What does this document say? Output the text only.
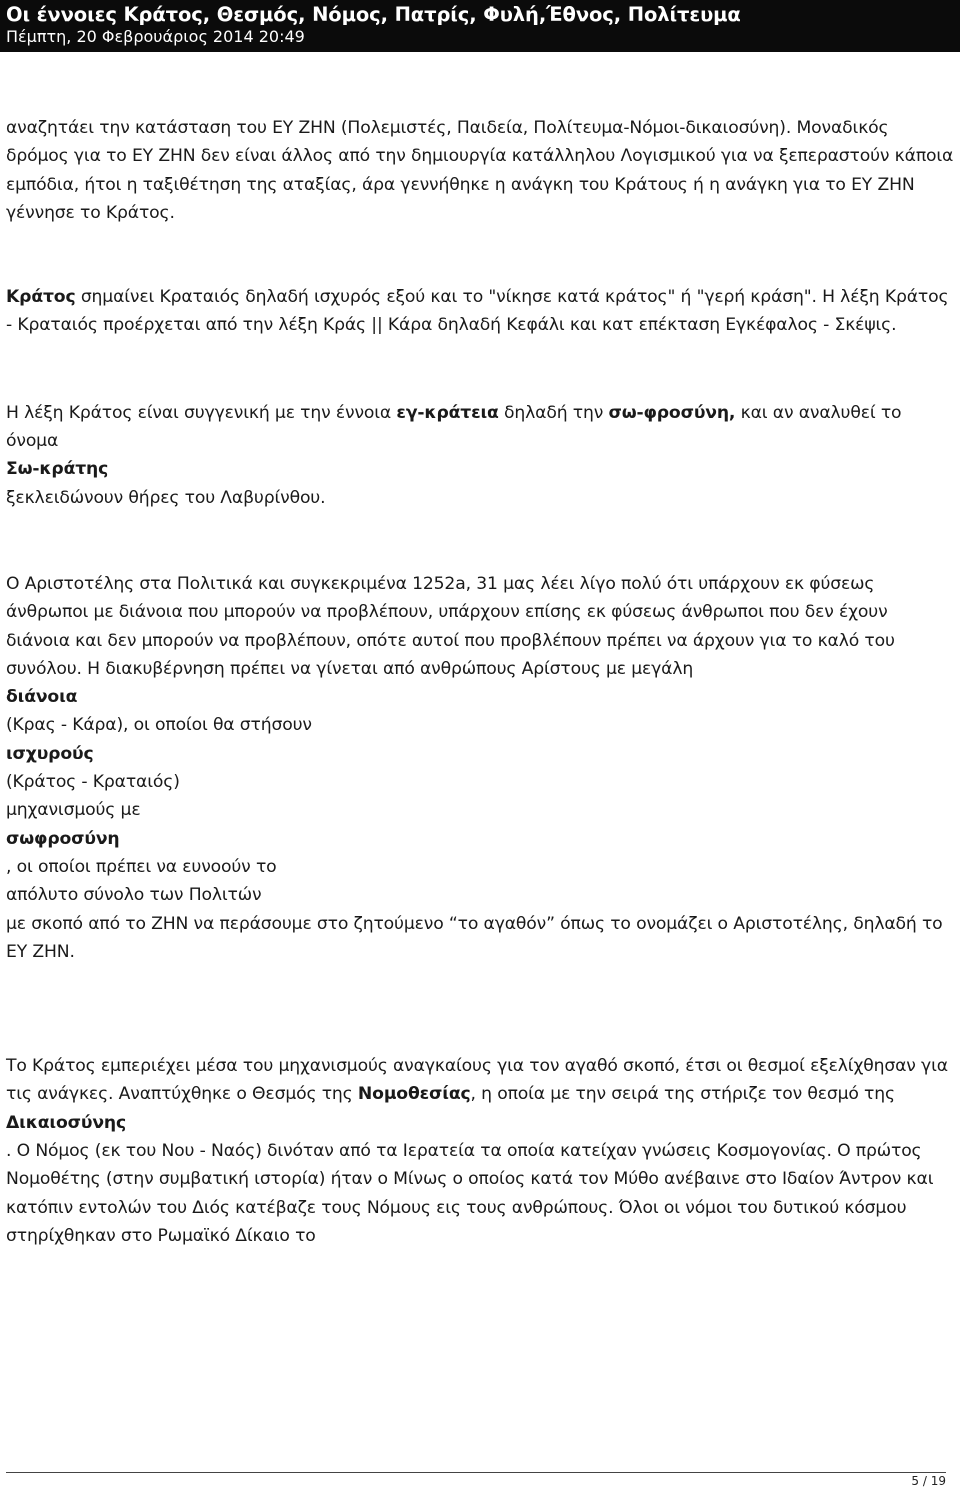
Οι έννοιες Κράτος, Θεσμός, Νόμος, Πατρίς, Φυλή,Έθνος, Πολίτευμα
Πέμπτη, 20 Φεβρουάριος 2014 20:49

αναζητάει την κατάσταση του ΕΥ ΖΗΝ (Πολεμιστές, Παιδεία, Πολίτευμα-Νόμοι-δικαιοσύνη). Μοναδικός δρόμος για το ΕΥ ΖΗΝ δεν είναι άλλος από την δημιουργία κατάλληλου Λογισμικού για να ξεπεραστούν κάποια εμπόδια, ήτοι η ταξιθέτηση της αταξίας, άρα γεννήθηκε η ανάγκη του Κράτους ή η ανάγκη για το ΕΥ ΖΗΝ γέννησε το Κράτος.

Κράτος σημαίνει Κραταιός δηλαδή ισχυρός εξού και το "νίκησε κατά κράτος" ή "γερή κράση". Η λέξη Κράτος - Κραταιός προέρχεται από την λέξη Κράς || Κάρα δηλαδή Κεφάλι και κατ επέκταση Εγκέφαλος - Σκέψις.

Η λέξη Κράτος είναι συγγενική με την έννοια εγ-κράτεια δηλαδή την σω-φροσύνη, και αν αναλυθεί το όνομα
Σω-κράτης
ξεκλειδώνουν θήρες του Λαβυρίνθου.

Ο Αριστοτέλης στα Πολιτικά και συγκεκριμένα 1252a, 31 μας λέει λίγο πολύ ότι υπάρχουν εκ φύσεως άνθρωποι με διάνοια που μπορούν να προβλέπουν, υπάρχουν επίσης εκ φύσεως άνθρωποι που δεν έχουν διάνοια και δεν μπορούν να προβλέπουν, οπότε αυτοί που προβλέπουν πρέπει να άρχουν για το καλό του συνόλου. Η διακυβέρνηση πρέπει να γίνεται από ανθρώπους Αρίστους με μεγάλη
διάνοια
(Κρας - Κάρα), οι οποίοι θα στήσουν
ισχυρούς
(Κράτος - Κραταιός)
μηχανισμούς με
σωφροσύνη
, οι οποίοι πρέπει να ευνοούν το
απόλυτο σύνολο των Πολιτών
με σκοπό από το ΖΗΝ να περάσουμε στο ζητούμενο “το αγαθόν” όπως το ονομάζει ο Αριστοτέλης, δηλαδή το ΕΥ ΖΗΝ.

Το Κράτος εμπεριέχει μέσα του μηχανισμούς αναγκαίους για τον αγαθό σκοπό, έτσι οι θεσμοί εξελίχθησαν για τις ανάγκες. Αναπτύχθηκε ο Θεσμός της Νομοθεσίας, η οποία με την σειρά της στήριζε τον θεσμό της
Δικαιοσύνης
. Ο Νόμος (εκ του Νου - Ναός) δινόταν από τα Ιερατεία τα οποία κατείχαν γνώσεις Κοσμογονίας. Ο πρώτος Νομοθέτης (στην συμβατική ιστορία) ήταν ο Μίνως ο οποίος κατά τον Μύθο ανέβαινε στο Ιδαίον Άντρον και κατόπιν εντολών του Διός κατέβαζε τους Νόμους εις τους ανθρώπους. Όλοι οι νόμοι του δυτικού κόσμου στηρίχθηκαν στο Ρωμαϊκό Δίκαιο το

5 / 19
